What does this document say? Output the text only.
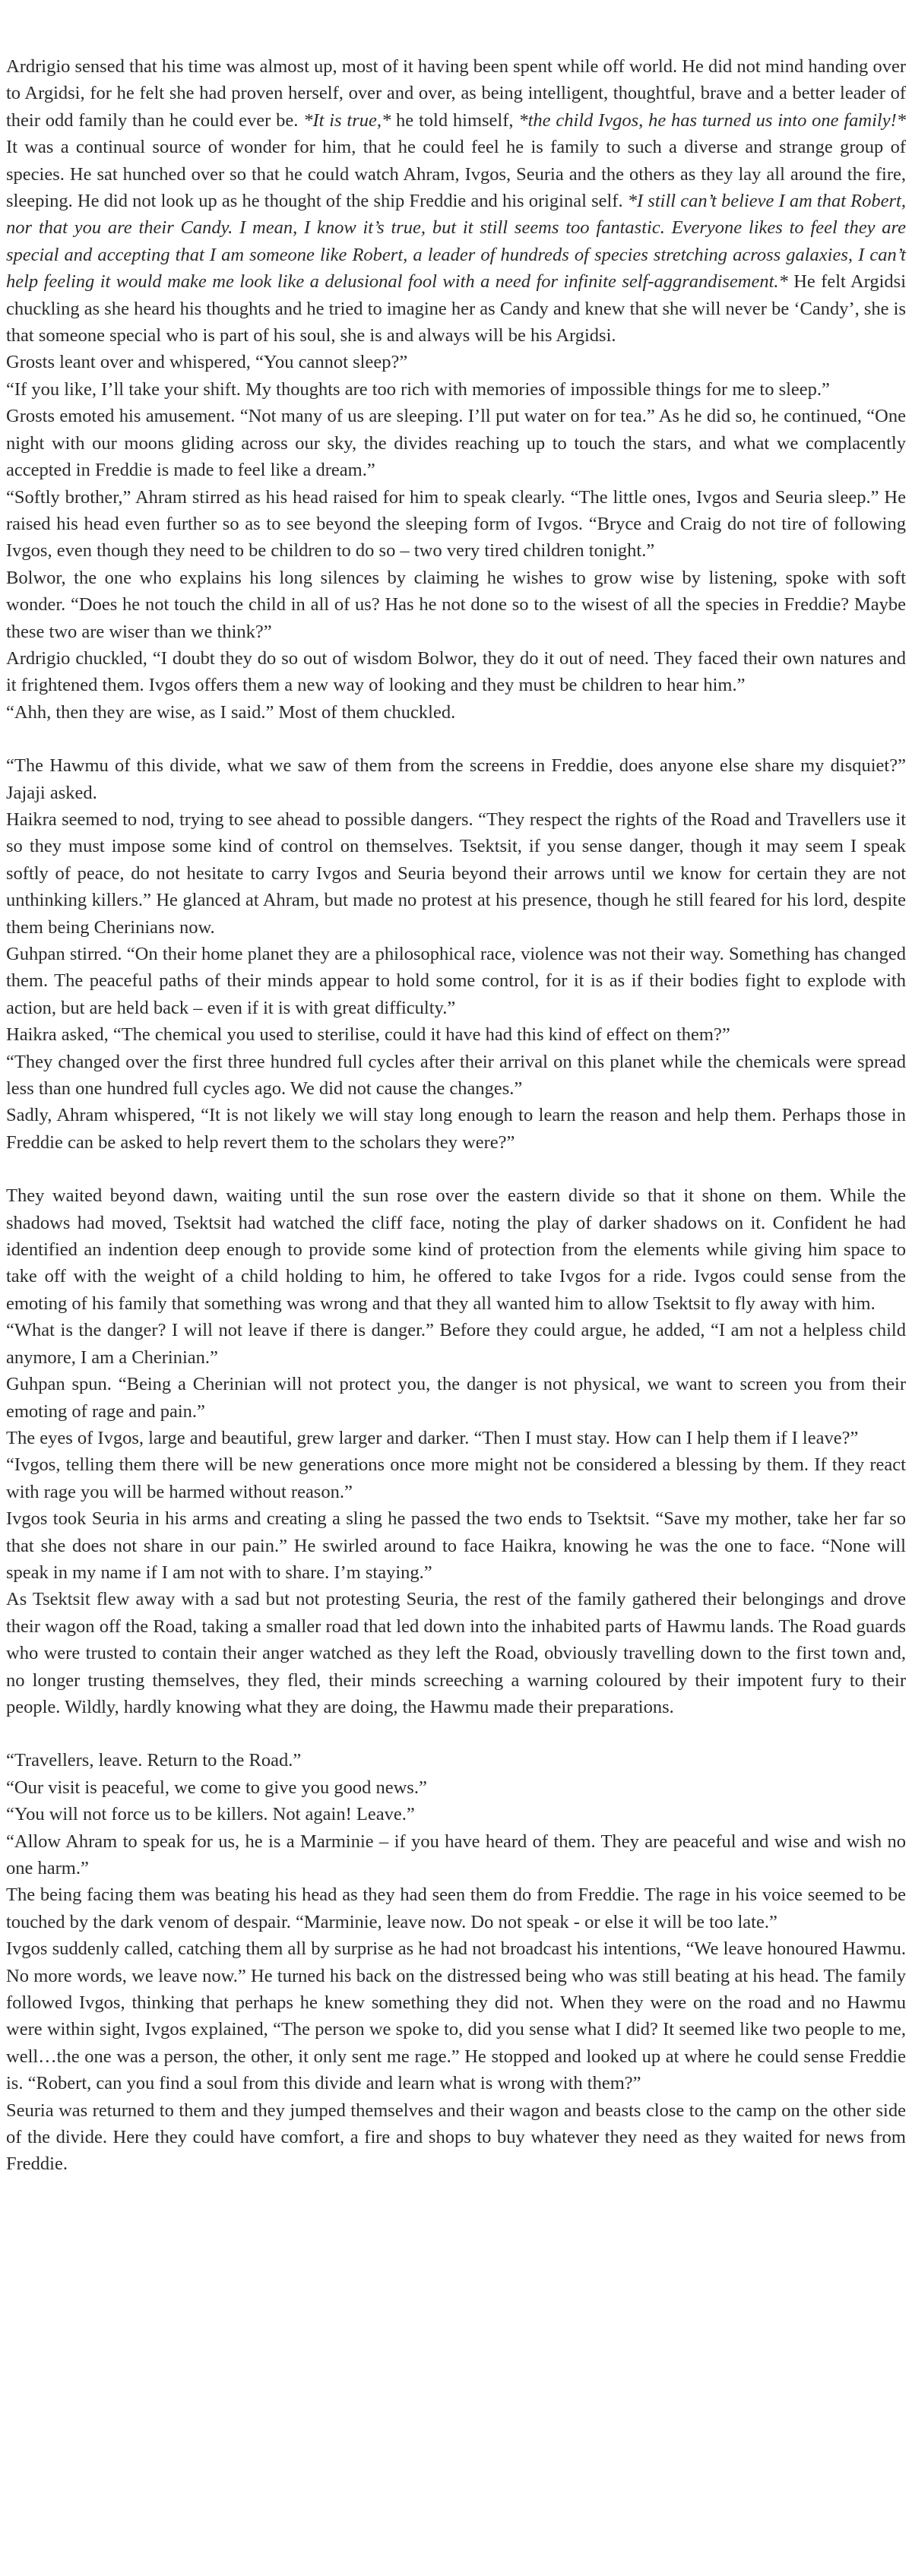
Ardrigio sensed that his time was almost up, most of it having been spent while off world. He did not mind handing over to Argidsi, for he felt she had proven herself, over and over, as being intelligent, thoughtful, brave and a better leader of their odd family than he could ever be. *It is true,* he told himself, *the child Ivgos, he has turned us into one family!* It was a continual source of wonder for him, that he could feel he is family to such a diverse and strange group of species. He sat hunched over so that he could watch Ahram, Ivgos, Seuria and the others as they lay all around the fire, sleeping. He did not look up as he thought of the ship Freddie and his original self. *I still can’t believe I am that Robert, nor that you are their Candy. I mean, I know it’s true, but it still seems too fantastic. Everyone likes to feel they are special and accepting that I am someone like Robert, a leader of hundreds of species stretching across galaxies, I can’t help feeling it would make me look like a delusional fool with a need for infinite self-aggrandisement.* He felt Argidsi chuckling as she heard his thoughts and he tried to imagine her as Candy and knew that she will never be ‘Candy’, she is that someone special who is part of his soul, she is and always will be his Argidsi.

Grosts leant over and whispered, “You cannot sleep?”

“If you like, I’ll take your shift. My thoughts are too rich with memories of impossible things for me to sleep.”

Grosts emoted his amusement. “Not many of us are sleeping. I’ll put water on for tea.” As he did so, he continued, “One night with our moons gliding across our sky, the divides reaching up to touch the stars, and what we complacently accepted in Freddie is made to feel like a dream.”

“Softly brother,” Ahram stirred as his head raised for him to speak clearly. “The little ones, Ivgos and Seuria sleep.” He raised his head even further so as to see beyond the sleeping form of Ivgos. “Bryce and Craig do not tire of following Ivgos, even though they need to be children to do so – two very tired children tonight.”

Bolwor, the one who explains his long silences by claiming he wishes to grow wise by listening, spoke with soft wonder. “Does he not touch the child in all of us? Has he not done so to the wisest of all the species in Freddie? Maybe these two are wiser than we think?”

Ardrigio chuckled, “I doubt they do so out of wisdom Bolwor, they do it out of need. They faced their own natures and it frightened them. Ivgos offers them a new way of looking and they must be children to hear him.”

“Ahh, then they are wise, as I said.” Most of them chuckled.

“The Hawmu of this divide, what we saw of them from the screens in Freddie, does anyone else share my disquiet?” Jajaji asked.

Haikra seemed to nod, trying to see ahead to possible dangers. “They respect the rights of the Road and Travellers use it so they must impose some kind of control on themselves. Tsektsit, if you sense danger, though it may seem I speak softly of peace, do not hesitate to carry Ivgos and Seuria beyond their arrows until we know for certain they are not unthinking killers.” He glanced at Ahram, but made no protest at his presence, though he still feared for his lord, despite them being Cherinians now.

Guhpan stirred. “On their home planet they are a philosophical race, violence was not their way. Something has changed them. The peaceful paths of their minds appear to hold some control, for it is as if their bodies fight to explode with action, but are held back – even if it is with great difficulty.”

Haikra asked, “The chemical you used to sterilise, could it have had this kind of effect on them?”

“They changed over the first three hundred full cycles after their arrival on this planet while the chemicals were spread less than one hundred full cycles ago. We did not cause the changes.”

Sadly, Ahram whispered, “It is not likely we will stay long enough to learn the reason and help them. Perhaps those in Freddie can be asked to help revert them to the scholars they were?”

They waited beyond dawn, waiting until the sun rose over the eastern divide so that it shone on them. While the shadows had moved, Tsektsit had watched the cliff face, noting the play of darker shadows on it. Confident he had identified an indention deep enough to provide some kind of protection from the elements while giving him space to take off with the weight of a child holding to him, he offered to take Ivgos for a ride. Ivgos could sense from the emoting of his family that something was wrong and that they all wanted him to allow Tsektsit to fly away with him.

“What is the danger? I will not leave if there is danger.” Before they could argue, he added, “I am not a helpless child anymore, I am a Cherinian.”

Guhpan spun. “Being a Cherinian will not protect you, the danger is not physical, we want to screen you from their emoting of rage and pain.”

The eyes of Ivgos, large and beautiful, grew larger and darker. “Then I must stay. How can I help them if I leave?”

“Ivgos, telling them there will be new generations once more might not be considered a blessing by them. If they react with rage you will be harmed without reason.”

Ivgos took Seuria in his arms and creating a sling he passed the two ends to Tsektsit. “Save my mother, take her far so that she does not share in our pain.” He swirled around to face Haikra, knowing he was the one to face. “None will speak in my name if I am not with to share. I’m staying.”

As Tsektsit flew away with a sad but not protesting Seuria, the rest of the family gathered their belongings and drove their wagon off the Road, taking a smaller road that led down into the inhabited parts of Hawmu lands. The Road guards who were trusted to contain their anger watched as they left the Road, obviously travelling down to the first town and, no longer trusting themselves, they fled, their minds screeching a warning coloured by their impotent fury to their people. Wildly, hardly knowing what they are doing, the Hawmu made their preparations.

“Travellers, leave. Return to the Road.”

“Our visit is peaceful, we come to give you good news.”

“You will not force us to be killers. Not again! Leave.”

“Allow Ahram to speak for us, he is a Marminie – if you have heard of them. They are peaceful and wise and wish no one harm.”

The being facing them was beating his head as they had seen them do from Freddie. The rage in his voice seemed to be touched by the dark venom of despair. “Marminie, leave now. Do not speak - or else it will be too late.”

Ivgos suddenly called, catching them all by surprise as he had not broadcast his intentions, “We leave honoured Hawmu. No more words, we leave now.” He turned his back on the distressed being who was still beating at his head. The family followed Ivgos, thinking that perhaps he knew something they did not. When they were on the road and no Hawmu were within sight, Ivgos explained, “The person we spoke to, did you sense what I did? It seemed like two people to me, well…the one was a person, the other, it only sent me rage.” He stopped and looked up at where he could sense Freddie is. “Robert, can you find a soul from this divide and learn what is wrong with them?”

Seuria was returned to them and they jumped themselves and their wagon and beasts close to the camp on the other side of the divide. Here they could have comfort, a fire and shops to buy whatever they need as they waited for news from Freddie.
